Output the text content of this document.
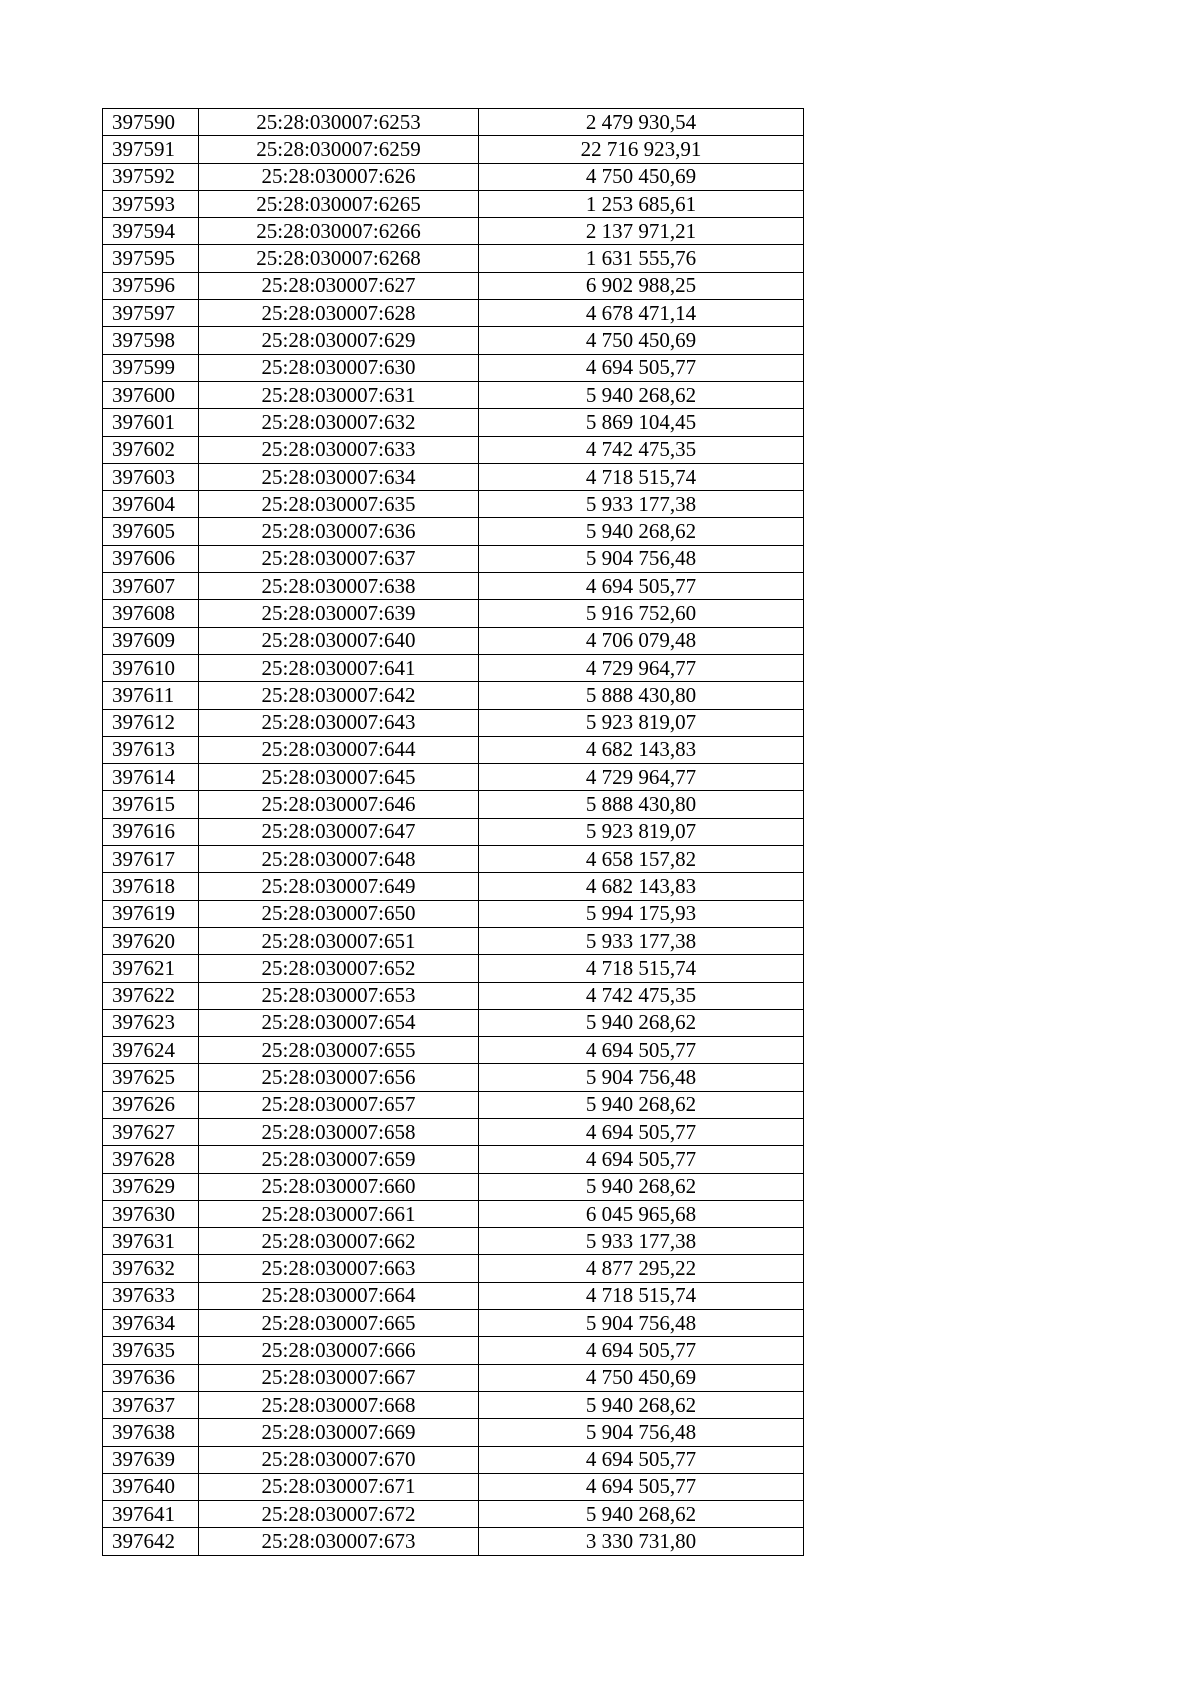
397590	25:28:030007:6253	2 479 930,54
397591	25:28:030007:6259	22 716 923,91
397592	25:28:030007:626	4 750 450,69
397593	25:28:030007:6265	1 253 685,61
397594	25:28:030007:6266	2 137 971,21
397595	25:28:030007:6268	1 631 555,76
397596	25:28:030007:627	6 902 988,25
397597	25:28:030007:628	4 678 471,14
397598	25:28:030007:629	4 750 450,69
397599	25:28:030007:630	4 694 505,77
397600	25:28:030007:631	5 940 268,62
397601	25:28:030007:632	5 869 104,45
397602	25:28:030007:633	4 742 475,35
397603	25:28:030007:634	4 718 515,74
397604	25:28:030007:635	5 933 177,38
397605	25:28:030007:636	5 940 268,62
397606	25:28:030007:637	5 904 756,48
397607	25:28:030007:638	4 694 505,77
397608	25:28:030007:639	5 916 752,60
397609	25:28:030007:640	4 706 079,48
397610	25:28:030007:641	4 729 964,77
397611	25:28:030007:642	5 888 430,80
397612	25:28:030007:643	5 923 819,07
397613	25:28:030007:644	4 682 143,83
397614	25:28:030007:645	4 729 964,77
397615	25:28:030007:646	5 888 430,80
397616	25:28:030007:647	5 923 819,07
397617	25:28:030007:648	4 658 157,82
397618	25:28:030007:649	4 682 143,83
397619	25:28:030007:650	5 994 175,93
397620	25:28:030007:651	5 933 177,38
397621	25:28:030007:652	4 718 515,74
397622	25:28:030007:653	4 742 475,35
397623	25:28:030007:654	5 940 268,62
397624	25:28:030007:655	4 694 505,77
397625	25:28:030007:656	5 904 756,48
397626	25:28:030007:657	5 940 268,62
397627	25:28:030007:658	4 694 505,77
397628	25:28:030007:659	4 694 505,77
397629	25:28:030007:660	5 940 268,62
397630	25:28:030007:661	6 045 965,68
397631	25:28:030007:662	5 933 177,38
397632	25:28:030007:663	4 877 295,22
397633	25:28:030007:664	4 718 515,74
397634	25:28:030007:665	5 904 756,48
397635	25:28:030007:666	4 694 505,77
397636	25:28:030007:667	4 750 450,69
397637	25:28:030007:668	5 940 268,62
397638	25:28:030007:669	5 904 756,48
397639	25:28:030007:670	4 694 505,77
397640	25:28:030007:671	4 694 505,77
397641	25:28:030007:672	5 940 268,62
397642	25:28:030007:673	3 330 731,80
